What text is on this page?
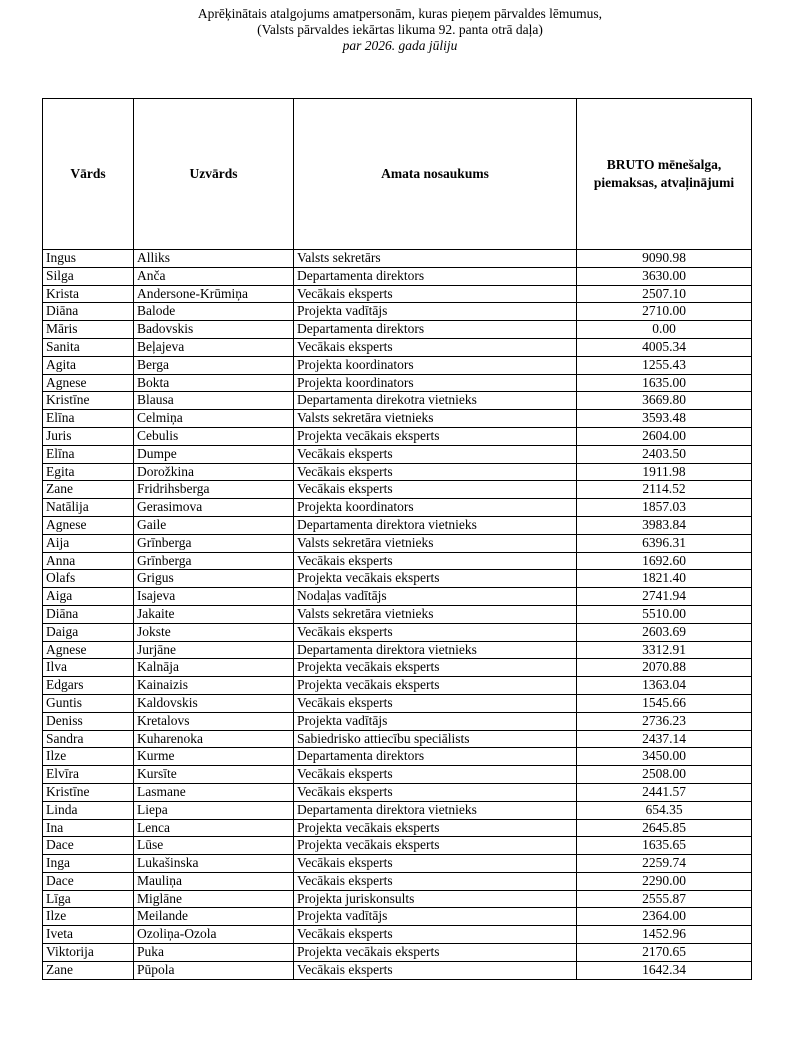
Aprēķinātais atalgojums amatpersonām, kuras pieņem pārvaldes lēmumus,
(Valsts pārvaldes iekārtas likuma 92. panta otrā daļa)
par 2026. gada jūliju
Vārds	Uzvārds	Amata nosaukums	BRUTO mēnešalga, piemaksas, atvaļinājumi
Ingus	Alliks	Valsts sekretārs	9090.98
Silga	Anča	Departamenta direktors	3630.00
Krista	Andersone-Krūmiņa	Vecākais eksperts	2507.10
Diāna	Balode	Projekta vadītājs	2710.00
Māris	Badovskis	Departamenta direktors	0.00
Sanita	Beļajeva	Vecākais eksperts	4005.34
Agita	Berga	Projekta koordinators	1255.43
Agnese	Bokta	Projekta koordinators	1635.00
Kristīne	Blausa	Departamenta direkotra vietnieks	3669.80
Elīna	Celmiņa	Valsts sekretāra vietnieks	3593.48
Juris	Cebulis	Projekta vecākais eksperts	2604.00
Elīna	Dumpe	Vecākais eksperts	2403.50
Egita	Dorožkina	Vecākais eksperts	1911.98
Zane	Fridrihsberga	Vecākais eksperts	2114.52
Natālija	Gerasimova	Projekta koordinators	1857.03
Agnese	Gaile	Departamenta direktora vietnieks	3983.84
Aija	Grīnberga	Valsts sekretāra vietnieks	6396.31
Anna	Grīnberga	Vecākais eksperts	1692.60
Olafs	Grigus	Projekta vecākais eksperts	1821.40
Aiga	Isajeva	Nodaļas vadītājs	2741.94
Diāna	Jakaite	Valsts sekretāra vietnieks	5510.00
Daiga	Jokste	Vecākais eksperts	2603.69
Agnese	Jurjāne	Departamenta direktora vietnieks	3312.91
Ilva	Kalnāja	Projekta vecākais eksperts	2070.88
Edgars	Kainaizis	Projekta vecākais eksperts	1363.04
Guntis	Kaldovskis	Vecākais eksperts	1545.66
Deniss	Kretalovs	Projekta vadītājs	2736.23
Sandra	Kuharenoka	Sabiedrisko attiecību speciālists	2437.14
Ilze	Kurme	Departamenta direktors	3450.00
Elvīra	Kursīte	Vecākais eksperts	2508.00
Kristīne	Lasmane	Vecākais eksperts	2441.57
Linda	Liepa	Departamenta direktora vietnieks	654.35
Ina	Lenca	Projekta vecākais eksperts	2645.85
Dace	Lūse	Projekta vecākais eksperts	1635.65
Inga	Lukašinska	Vecākais eksperts	2259.74
Dace	Mauliņa	Vecākais eksperts	2290.00
Līga	Miglāne	Projekta juriskonsults	2555.87
Ilze	Meilande	Projekta vadītājs	2364.00
Iveta	Ozoliņa-Ozola	Vecākais eksperts	1452.96
Viktorija	Puka	Projekta vecākais eksperts	2170.65
Zane	Pūpola	Vecākais eksperts	1642.34
